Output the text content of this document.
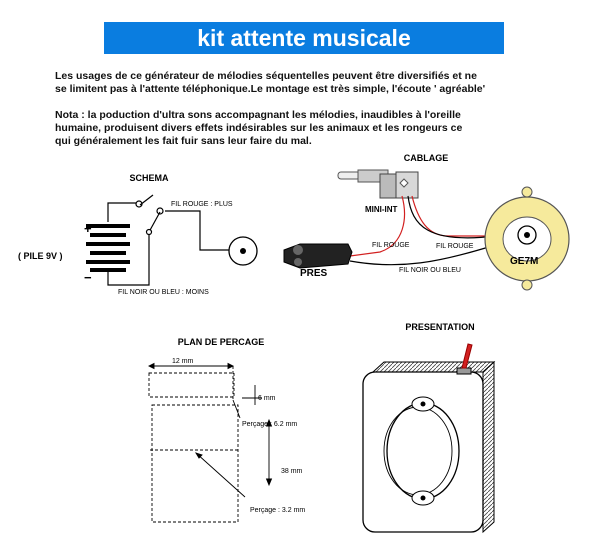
kit attente musicale
Les usages de ce générateur de mélodies séquentelles peuvent être diversifiés et ne
se limitent pas à l'attente téléphonique.Le montage est très simple, l'écoute ' agréable'
Nota : la poduction d'ultra sons accompagnant les mélodies, inaudibles à l'oreille
humaine, produisent divers effets indésirables sur les animaux et les rongeurs ce
qui généralement les fait fuir sans leur faire du mal.
SCHEMA
+
−
( PILE 9V )
FIL ROUGE : PLUS
FIL NOIR OU BLEU : MOINS
CABLAGE
MINI-INT
FIL ROUGE	FIL ROUGE
FIL NOIR OU BLEU
PRES
GE7M
PLAN DE PERCAGE
12 mm
6 mm
Perçage : 6.2 mm
38 mm
Perçage : 3.2 mm
PRESENTATION
